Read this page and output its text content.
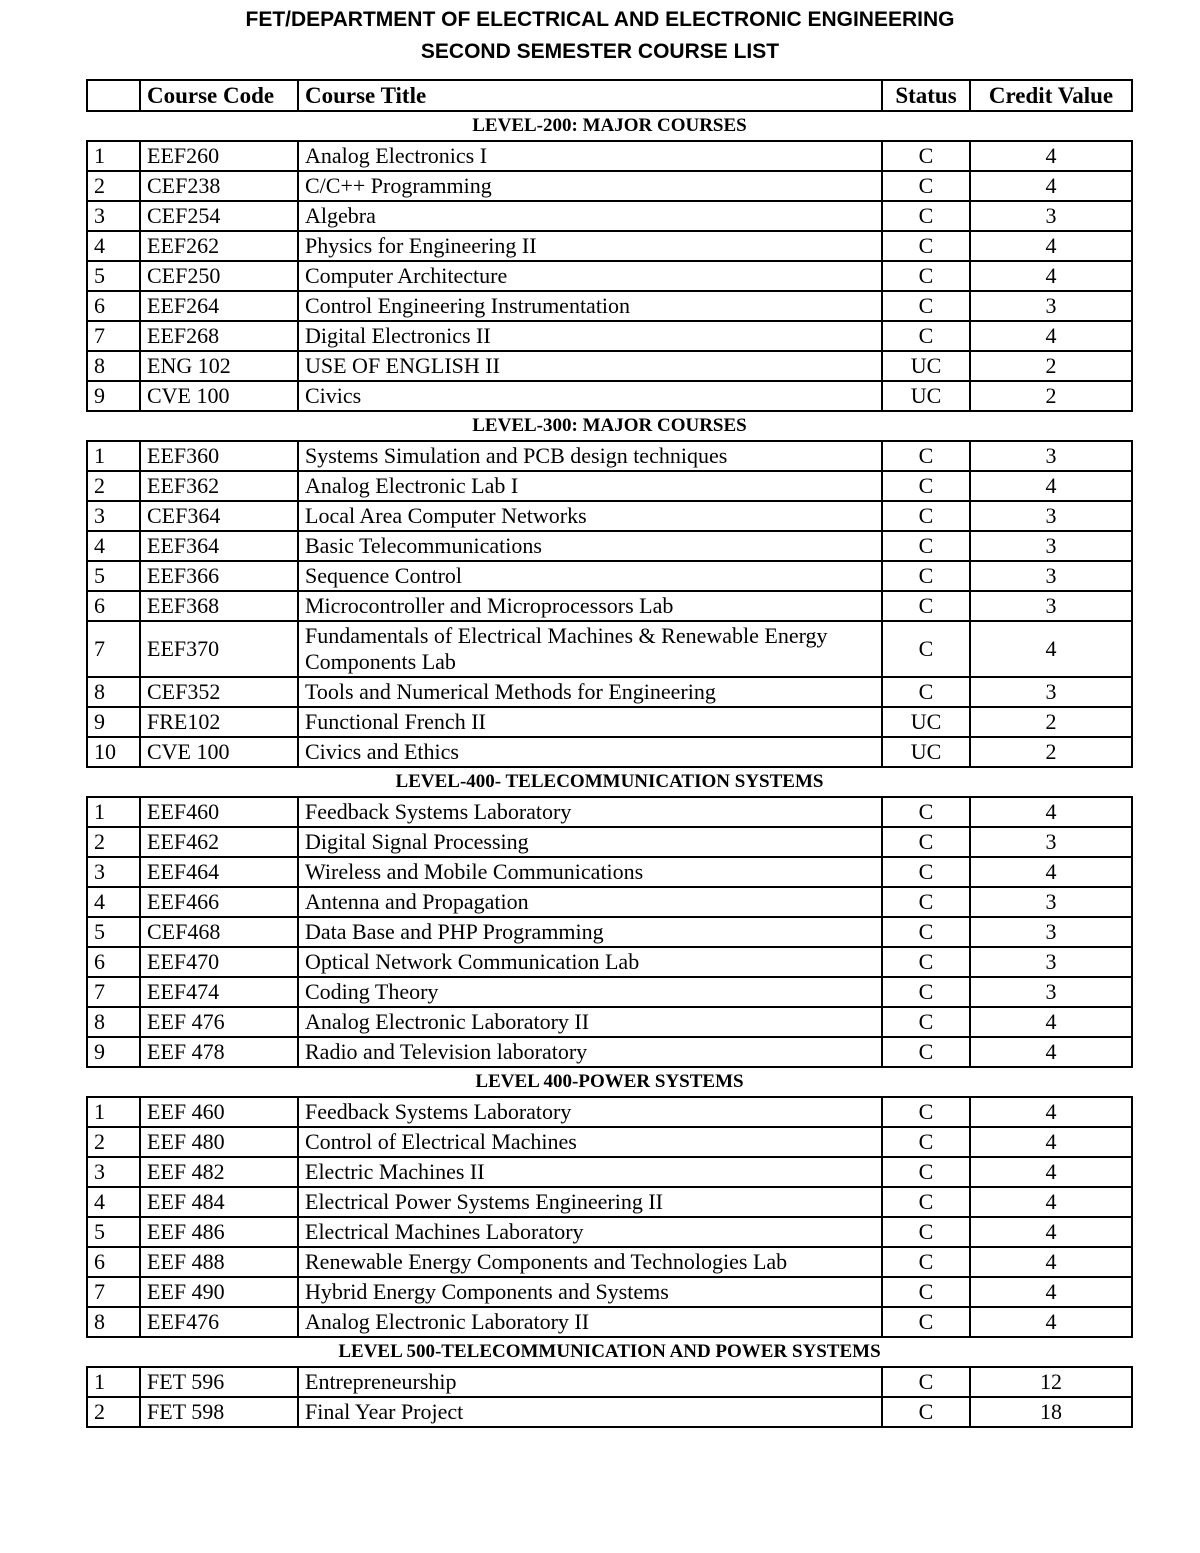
FET/DEPARTMENT OF ELECTRICAL AND ELECTRONIC ENGINEERING
SECOND SEMESTER COURSE LIST
	Course Code	Course Title	Status	Credit Value
LEVEL-200: MAJOR COURSES				
1	EEF260	Analog Electronics I	C	4
2	CEF238	C/C++ Programming	C	4
3	CEF254	Algebra	C	3
4	EEF262	Physics for Engineering II	C	4
5	CEF250	Computer Architecture	C	4
6	EEF264	Control Engineering Instrumentation	C	3
7	EEF268	Digital Electronics II	C	4
8	ENG 102	USE OF ENGLISH II	UC	2
9	CVE 100	Civics	UC	2
LEVEL-300: MAJOR COURSES				
1	EEF360	Systems Simulation and PCB design techniques	C	3
2	EEF362	Analog Electronic Lab I	C	4
3	CEF364	Local Area Computer Networks	C	3
4	EEF364	Basic Telecommunications	C	3
5	EEF366	Sequence Control	C	3
6	EEF368	Microcontroller and Microprocessors Lab	C	3
7	EEF370	Fundamentals of Electrical Machines & Renewable Energy Components Lab	C	4
8	CEF352	Tools and Numerical Methods for Engineering	C	3
9	FRE102	Functional French II	UC	2
10	CVE 100	Civics and Ethics	UC	2
LEVEL-400- TELECOMMUNICATION SYSTEMS				
1	EEF460	Feedback Systems Laboratory	C	4
2	EEF462	Digital Signal Processing	C	3
3	EEF464	Wireless and Mobile Communications	C	4
4	EEF466	Antenna and Propagation	C	3
5	CEF468	Data Base and PHP Programming	C	3
6	EEF470	Optical Network Communication Lab	C	3
7	EEF474	Coding Theory	C	3
8	EEF 476	Analog Electronic Laboratory II	C	4
9	EEF 478	Radio and Television laboratory	C	4
LEVEL 400-POWER SYSTEMS				
1	EEF 460	Feedback Systems Laboratory	C	4
2	EEF 480	Control of Electrical Machines	C	4
3	EEF 482	Electric Machines II	C	4
4	EEF 484	Electrical Power Systems Engineering II	C	4
5	EEF 486	Electrical Machines Laboratory	C	4
6	EEF 488	Renewable Energy Components and Technologies Lab	C	4
7	EEF 490	Hybrid Energy Components and Systems	C	4
8	EEF476	Analog Electronic Laboratory II	C	4
LEVEL 500-TELECOMMUNICATION AND POWER SYSTEMS				
1	FET 596	Entrepreneurship	C	12
2	FET 598	Final Year Project	C	18
